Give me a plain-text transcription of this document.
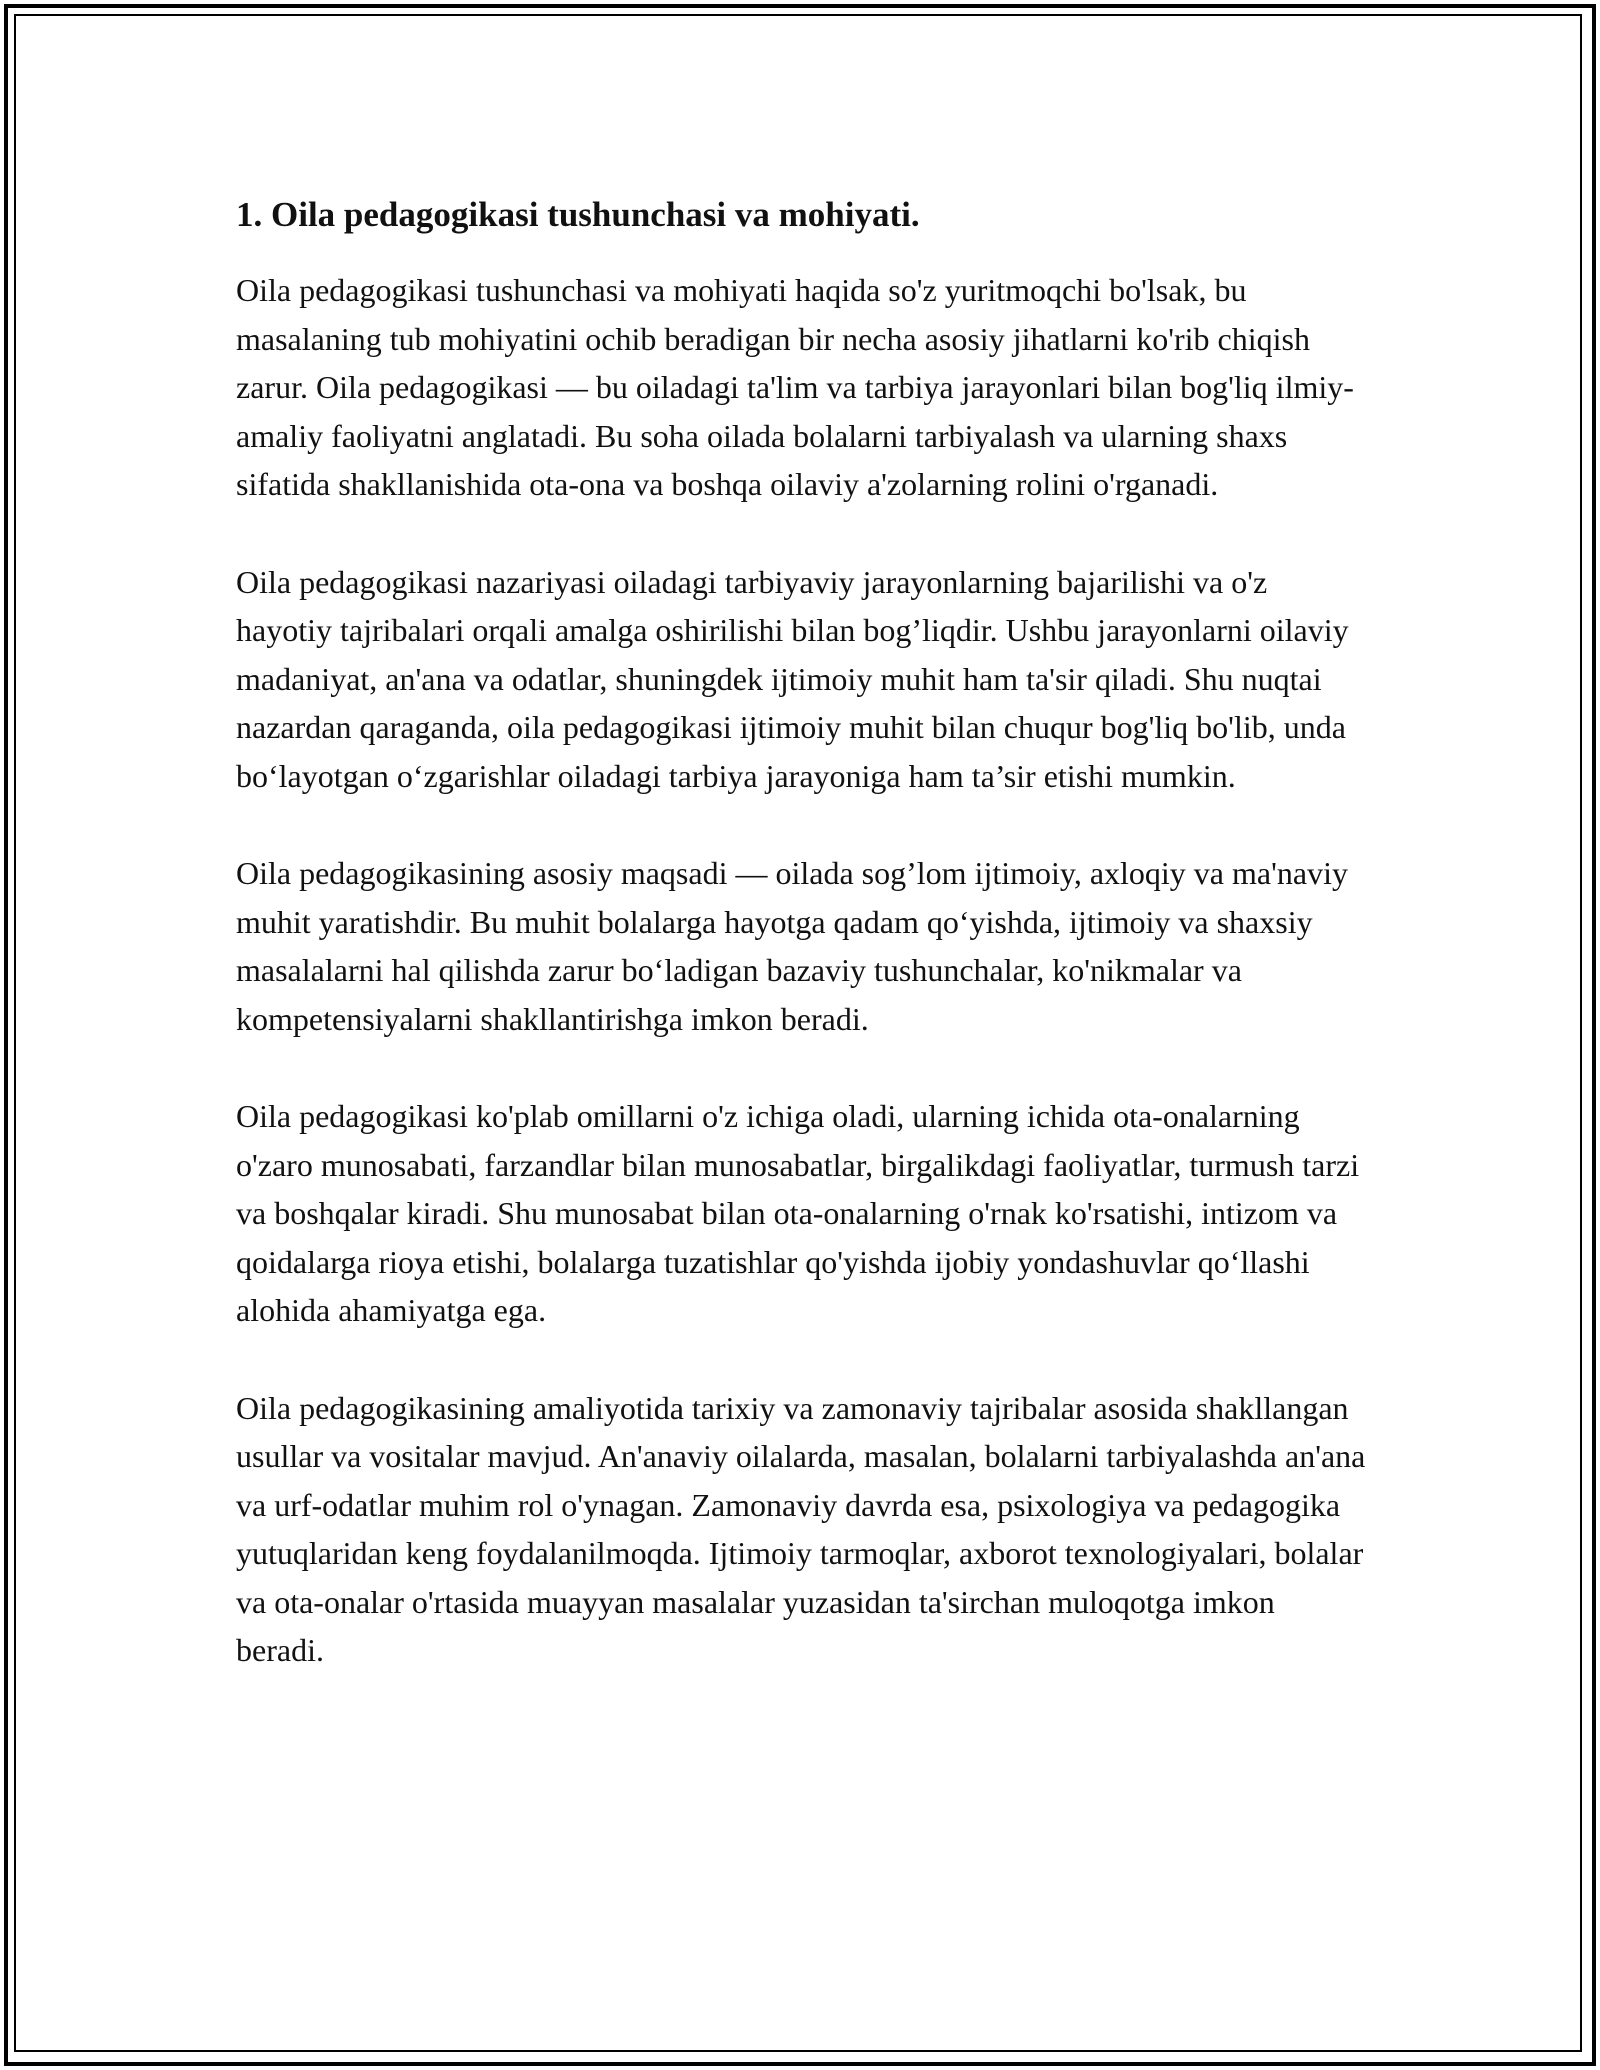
1. Oila pedagogikasi tushunchasi va mohiyati.

Oila pedagogikasi tushunchasi va mohiyati haqida so'z yuritmoqchi bo'lsak, bu masalaning tub mohiyatini ochib beradigan bir necha asosiy jihatlarni ko'rib chiqish zarur. Oila pedagogikasi — bu oiladagi ta'lim va tarbiya jarayonlari bilan bog'liq ilmiy-amaliy faoliyatni anglatadi. Bu soha oilada bolalarni tarbiyalash va ularning shaxs sifatida shakllanishida ota-ona va boshqa oilaviy a'zolarning rolini o'rganadi.

Oila pedagogikasi nazariyasi oiladagi tarbiyaviy jarayonlarning bajarilishi va o'z hayotiy tajribalari orqali amalga oshirilishi bilan bog’liqdir. Ushbu jarayonlarni oilaviy madaniyat, an'ana va odatlar, shuningdek ijtimoiy muhit ham ta'sir qiladi. Shu nuqtai nazardan qaraganda, oila pedagogikasi ijtimoiy muhit bilan chuqur bog'liq bo'lib, unda bo‘layotgan o‘zgarishlar oiladagi tarbiya jarayoniga ham ta’sir etishi mumkin.

Oila pedagogikasining asosiy maqsadi — oilada sog’lom ijtimoiy, axloqiy va ma'naviy muhit yaratishdir. Bu muhit bolalarga hayotga qadam qo‘yishda, ijtimoiy va shaxsiy masalalarni hal qilishda zarur bo‘ladigan bazaviy tushunchalar, ko'nikmalar va kompetensiyalarni shakllantirishga imkon beradi.

Oila pedagogikasi ko'plab omillarni o'z ichiga oladi, ularning ichida ota-onalarning o'zaro munosabati, farzandlar bilan munosabatlar, birgalikdagi faoliyatlar, turmush tarzi va boshqalar kiradi. Shu munosabat bilan ota-onalarning o'rnak ko'rsatishi, intizom va qoidalarga rioya etishi, bolalarga tuzatishlar qo'yishda ijobiy yondashuvlar qo‘llashi alohida ahamiyatga ega.

Oila pedagogikasining amaliyotida tarixiy va zamonaviy tajribalar asosida shakllangan usullar va vositalar mavjud. An'anaviy oilalarda, masalan, bolalarni tarbiyalashda an'ana va urf-odatlar muhim rol o'ynagan. Zamonaviy davrda esa, psixologiya va pedagogika yutuqlaridan keng foydalanilmoqda. Ijtimoiy tarmoqlar, axborot texnologiyalari, bolalar va ota-onalar o'rtasida muayyan masalalar yuzasidan ta'sirchan muloqotga imkon beradi.
